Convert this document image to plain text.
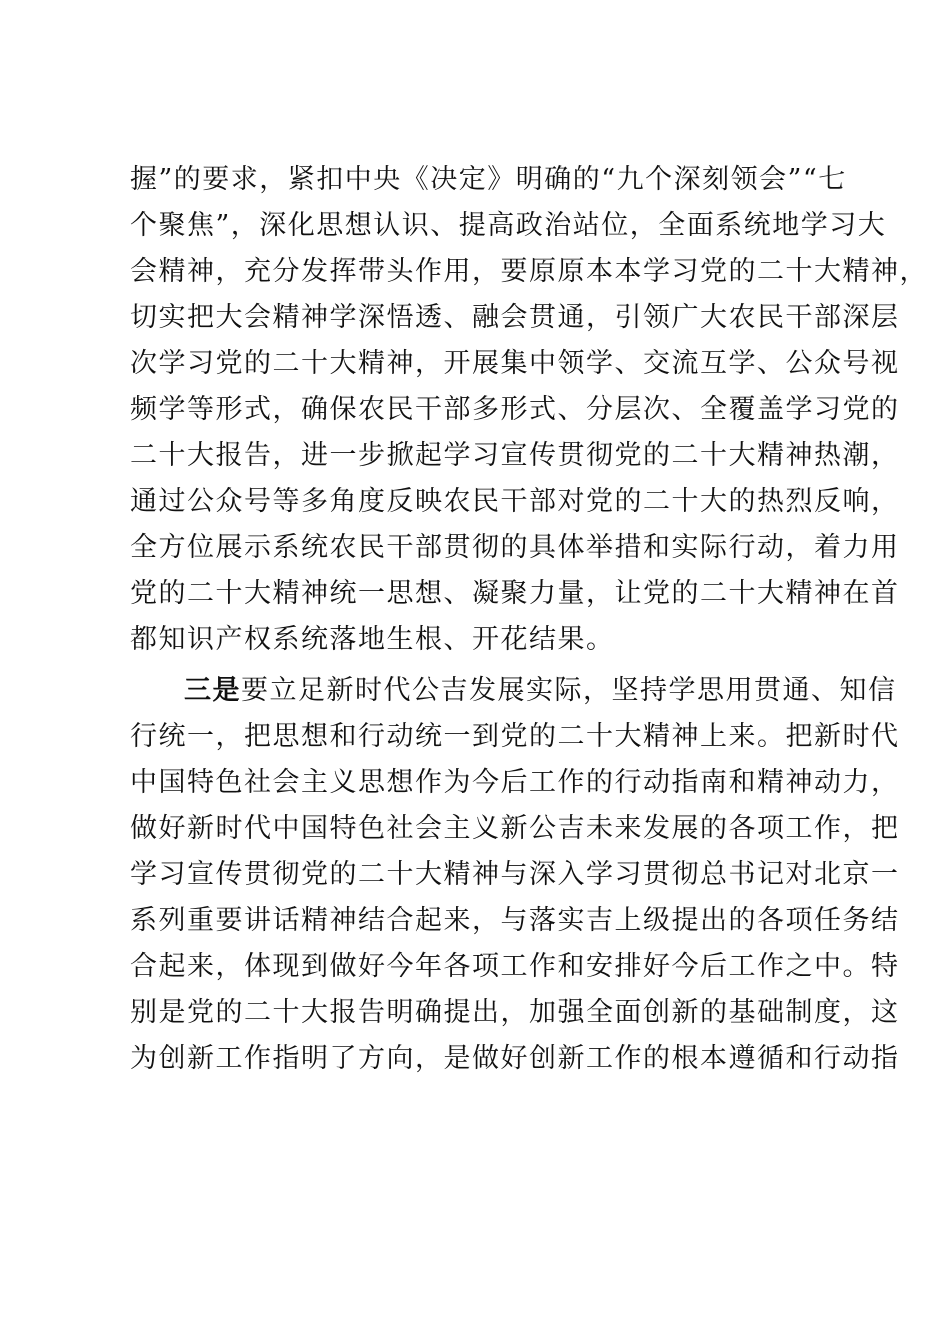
握”的要求，紧扣中央《决定》明确的“九个深刻领会”“七
个聚焦”，深化思想认识、提高政治站位，全面系统地学习大
会精神，充分发挥带头作用，要原原本本学习党的二十大精神，
切实把大会精神学深悟透、融会贯通，引领广大农民干部深层
次学习党的二十大精神，开展集中领学、交流互学、公众号视
频学等形式，确保农民干部多形式、分层次、全覆盖学习党的
二十大报告，进一步掀起学习宣传贯彻党的二十大精神热潮，
通过公众号等多角度反映农民干部对党的二十大的热烈反响，
全方位展示系统农民干部贯彻的具体举措和实际行动，着力用
党的二十大精神统一思想、凝聚力量，让党的二十大精神在首
都知识产权系统落地生根、开花结果。
三是要立足新时代公吉发展实际，坚持学思用贯通、知信
行统一，把思想和行动统一到党的二十大精神上来。把新时代
中国特色社会主义思想作为今后工作的行动指南和精神动力，
做好新时代中国特色社会主义新公吉未来发展的各项工作，把
学习宣传贯彻党的二十大精神与深入学习贯彻总书记对北京一
系列重要讲话精神结合起来，与落实吉上级提出的各项任务结
合起来，体现到做好今年各项工作和安排好今后工作之中。特
别是党的二十大报告明确提出，加强全面创新的基础制度，这
为创新工作指明了方向，是做好创新工作的根本遵循和行动指
